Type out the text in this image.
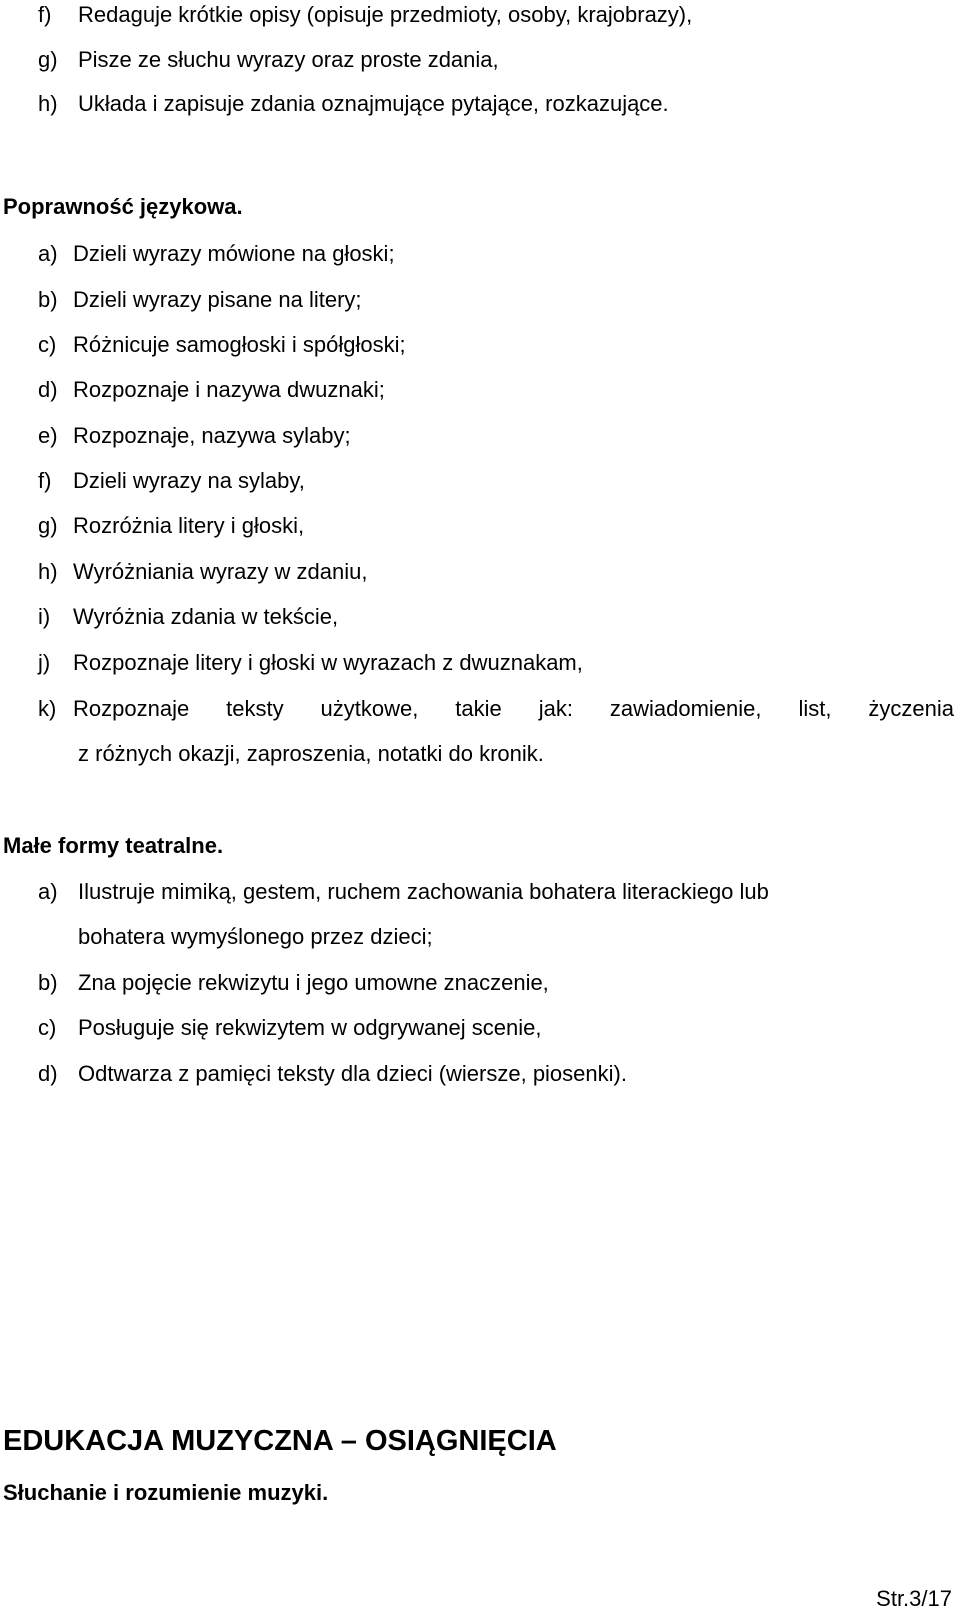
f) Redaguje krótkie opisy (opisuje przedmioty, osoby, krajobrazy),
g) Pisze ze słuchu wyrazy oraz proste zdania,
h) Układa i zapisuje zdania oznajmujące pytające, rozkazujące.
Poprawność językowa.
a) Dzieli wyrazy mówione na głoski;
b) Dzieli wyrazy pisane na litery;
c) Różnicuje samogłoski i spółgłoski;
d) Rozpoznaje i nazywa dwuznaki;
e) Rozpoznaje, nazywa sylaby;
f) Dzieli wyrazy na sylaby,
g) Rozróżnia litery i głoski,
h) Wyróżniania wyrazy w zdaniu,
i) Wyróżnia zdania w tekście,
j) Rozpoznaje litery i głoski w wyrazach z dwuznakam,
k) Rozpoznaje teksty użytkowe, takie jak: zawiadomienie, list, życzenia
z różnych okazji, zaproszenia, notatki do kronik.
Małe formy teatralne.
a) Ilustruje mimiką, gestem, ruchem zachowania bohatera literackiego lub
bohatera wymyślonego przez dzieci;
b) Zna pojęcie rekwizytu i jego umowne znaczenie,
c) Posługuje się rekwizytem w odgrywanej scenie,
d) Odtwarza z pamięci teksty dla dzieci (wiersze, piosenki).
EDUKACJA MUZYCZNA – OSIĄGNIĘCIA
Słuchanie i rozumienie muzyki.
Str.3/17
